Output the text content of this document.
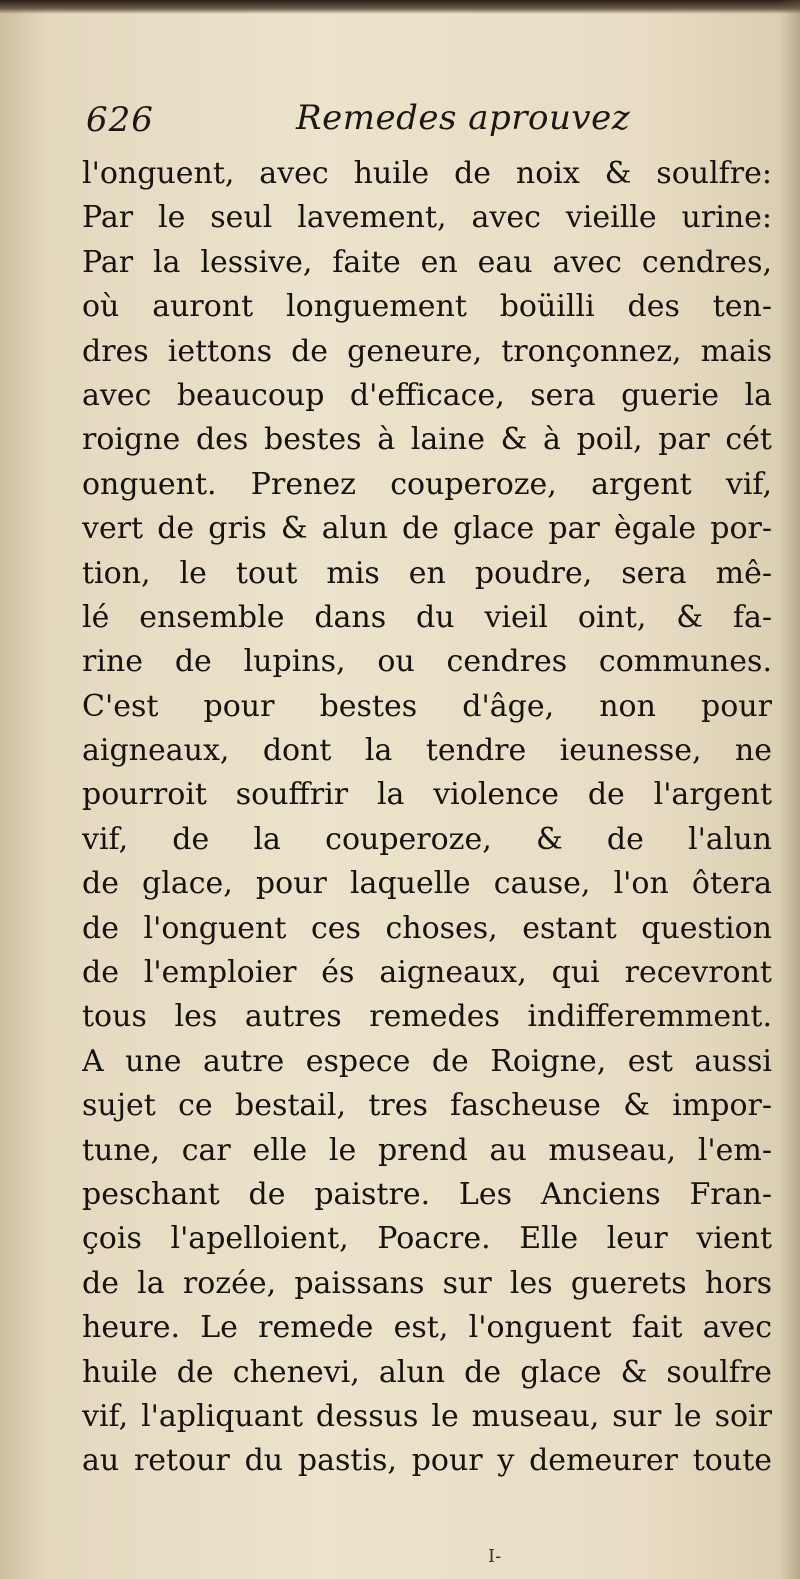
626	Remedes aprouvez
l'onguent, avec huile de noix & soulfre:
Par le seul lavement, avec vieille urine:
Par la lessive, faite en eau avec cendres,
où auront longuement boüilli des ten-
dres iettons de geneure, tronçonnez, mais
avec beaucoup d'efficace, sera guerie la
roigne des bestes à laine & à poil, par cét
onguent. Prenez couperoze, argent vif,
vert de gris & alun de glace par ègale por-
tion, le tout mis en poudre, sera mê-
lé ensemble dans du vieil oint, & fa-
rine de lupins, ou cendres communes.
C'est pour bestes d'âge, non pour
aigneaux, dont la tendre ieunesse, ne
pourroit souffrir la violence de l'argent
vif, de la couperoze, & de l'alun
de glace, pour laquelle cause, l'on ôtera
de l'onguent ces choses, estant question
de l'emploier és aigneaux, qui recevront
tous les autres remedes indifferemment.
A une autre espece de Roigne, est aussi
sujet ce bestail, tres fascheuse & impor-
tune, car elle le prend au museau, l'em-
peschant de paistre. Les Anciens Fran-
çois l'apelloient, Poacre. Elle leur vient
de la rozée, paissans sur les guerets hors
heure. Le remede est, l'onguent fait avec
huile de chenevi, alun de glace & soulfre
vif, l'apliquant dessus le museau, sur le soir
au retour du pastis, pour y demeurer toute
I-
